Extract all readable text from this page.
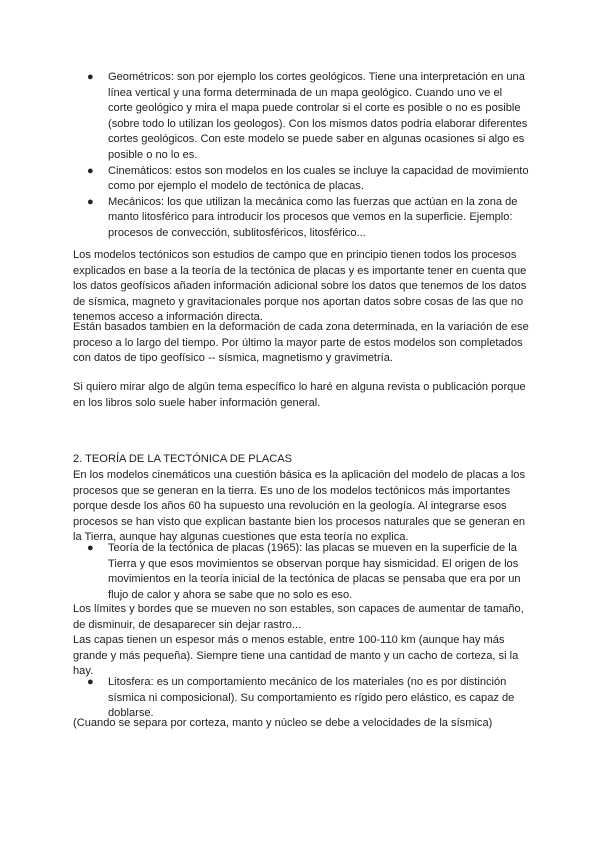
● Geométricos: son por ejemplo los cortes geológicos. Tiene una interpretación en una línea vertical y una forma determinada de un mapa geológico. Cuando uno ve el corte geológico y mira el mapa puede controlar si el corte es posible o no es posible (sobre todo lo utilizan los geologos). Con los mismos datos podria elaborar diferentes cortes geológicos. Con este modelo se puede saber en algunas ocasiones si algo es posible o no lo es.
● Cinemáticos: estos son modelos en los cuales se incluye la capacidad de movimiento como por ejemplo el modelo de tectónica de placas.
● Mecánicos: los que utilizan la mecánica como las fuerzas que actúan en la zona de manto litosférico para introducir los procesos que vemos en la superficie. Ejemplo: procesos de convección, sublitosféricos, litosférico...

Los modelos tectónicos son estudios de campo que en principio tienen todos los procesos explicados en base a la teoría de la tectónica de placas y es importante tener en cuenta que los datos geofísicos añaden información adicional sobre los datos que tenemos de los datos de sísmica, magneto y gravitacionales porque nos aportan datos sobre cosas de las que no tenemos acceso a información directa.

Están basados tambien en la deformación de cada zona determinada, en la variación de ese proceso a lo largo del tiempo. Por último la mayor parte de estos modelos son completados con datos de tipo geofísico -- sísmica, magnetismo y gravimetría.

Si quiero mirar algo de algún tema específico lo haré en alguna revista o publicación porque en los libros solo suele haber información general.

2. TEORÍA DE LA TECTÓNICA DE PLACAS

En los modelos cinemáticos una cuestión básica es la aplicación del modelo de placas a los procesos que se generan en la tierra. Es uno de los modelos tectónicos más importantes porque desde los años 60 ha supuesto una revolución en la geología. Al integrarse esos procesos se han visto que explican bastante bien los procesos naturales que se generan en la Tierra, aunque hay algunas cuestiones que esta teoría no explica.

● Teoría de la tectónica de placas (1965): las placas se mueven en la superficie de la Tierra y que esos movimientos se observan porque hay sismicidad. El origen de los movimientos en la teoría inicial de la tectónica de placas se pensaba que era por un flujo de calor y ahora se sabe que no solo es eso.

Los límites y bordes que se mueven no son estables, son capaces de aumentar de tamaño, de disminuir, de desaparecer sin dejar rastro...

Las capas tienen un espesor más o menos estable, entre 100-110 km (aunque hay más grande y más pequeña). Siempre tiene una cantidad de manto y un cacho de corteza, si la hay.

● Litosfera: es un comportamiento mecánico de los materiales (no es por distinción sísmica ni composicional). Su comportamiento es rígido pero elástico, es capaz de doblarse.

(Cuando se separa por corteza, manto y núcleo se debe a velocidades de la sísmica)
